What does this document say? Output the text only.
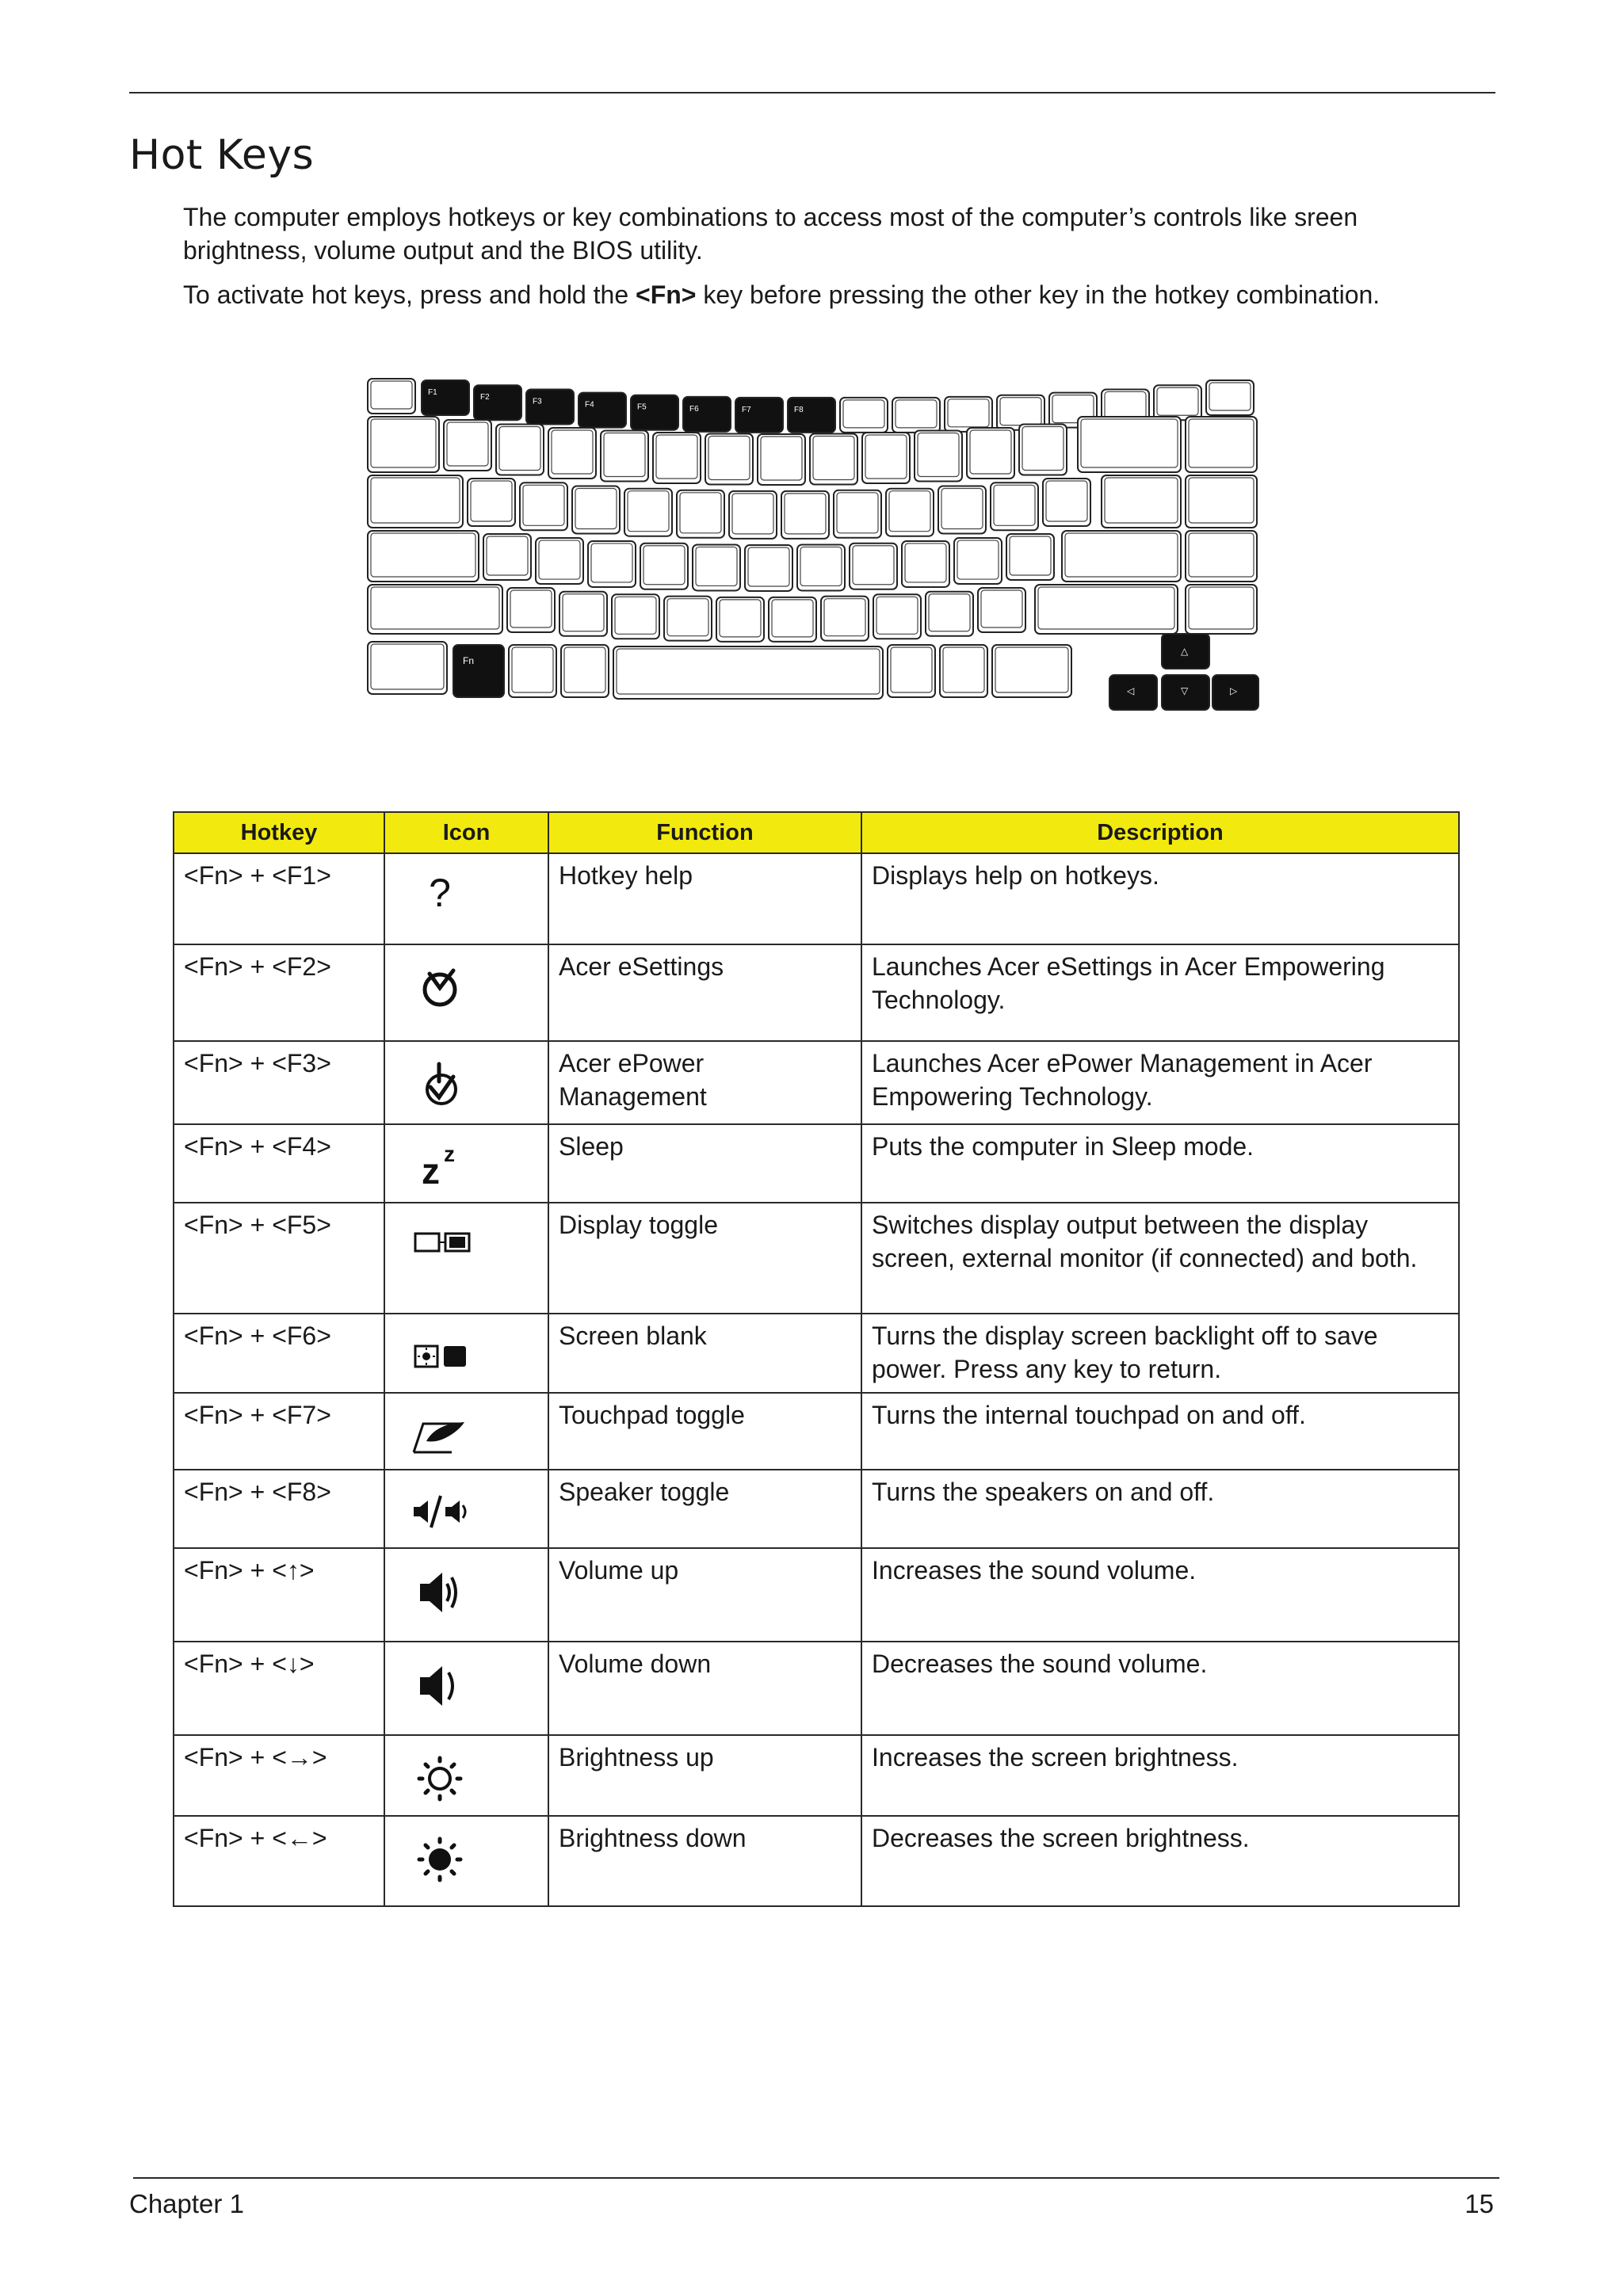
Hot Keys

The computer employs hotkeys or key combinations to access most of the computer’s controls like sreen brightness, volume output and the BIOS utility.

To activate hot keys, press and hold the <Fn> key before pressing the other key in the hotkey combination.

F1
F2	F3	F4	F5	F6	F7	F8
Fn
△
◁	▽	▷
Hotkey	Icon	Function	Description
<Fn> + <F1>	?	Hotkey help	Displays help on hotkeys.
<Fn> + <F2>		Acer eSettings	Launches Acer eSettings in Acer Empowering Technology.
<Fn> + <F3>		Acer ePower Management	Launches Acer ePower Management in Acer Empowering Technology.
<Fn> + <F4>	z z	Sleep	Puts the computer in Sleep mode.
<Fn> + <F5>		Display toggle	Switches display output between the display screen, external monitor (if connected) and both.
<Fn> + <F6>		Screen blank	Turns the display screen backlight off to save power. Press any key to return.
<Fn> + <F7>		Touchpad toggle	Turns the internal touchpad on and off.
<Fn> + <F8>		Speaker toggle	Turns the speakers on and off.
<Fn> + <↑>		Volume up	Increases the sound volume.
<Fn> + <↓>		Volume down	Decreases the sound volume.
<Fn> + <→>		Brightness up	Increases the screen brightness.
<Fn> + <←>		Brightness down	Decreases the screen brightness.
Chapter 1	15
